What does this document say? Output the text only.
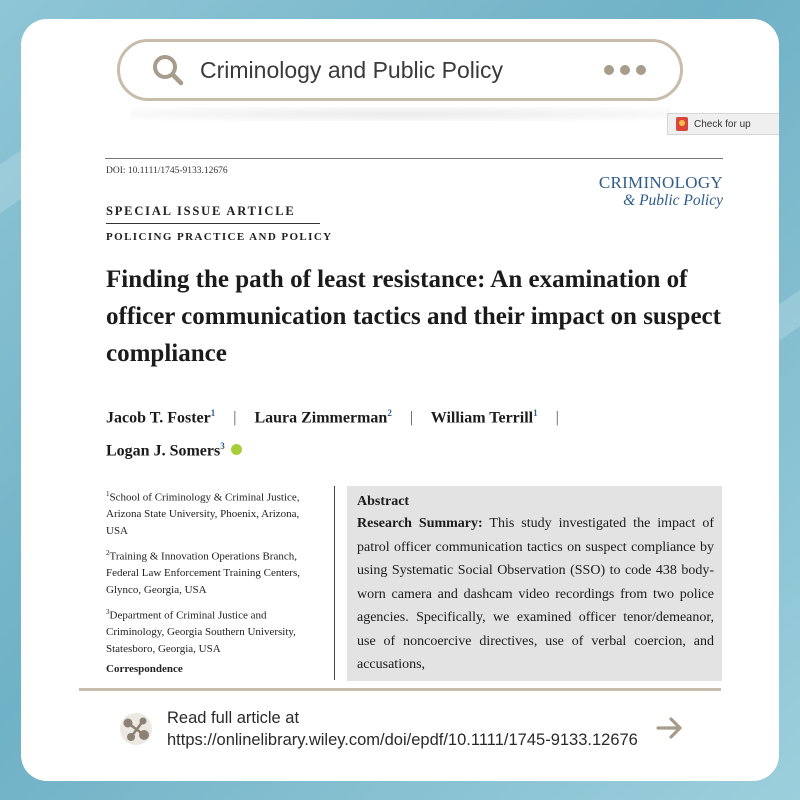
Criminology and Public Policy
Check for up
DOI: 10.1111/1745-9133.12676
CRIMINOLOGY
& Public Policy
SPECIAL ISSUE ARTICLE
POLICING PRACTICE AND POLICY
Finding the path of least resistance: An examination of officer communication tactics and their impact on suspect compliance
Jacob T. Foster$^1$ | Laura Zimmerman$^2$ | William Terrill$^1$ |
Logan J. Somers$^3$iD
$^1$School of Criminology & Criminal Justice, Arizona State University, Phoenix, Arizona, USA
$^2$Training & Innovation Operations Branch, Federal Law Enforcement Training Centers, Glynco, Georgia, USA
$^3$Department of Criminal Justice and Criminology, Georgia Southern University, Statesboro, Georgia, USA
Correspondence
Abstract
Research Summary: This study investigated the impact of patrol officer communication tactics on suspect compliance by using Systematic Social Observation (SSO) to code 438 body-worn camera and dashcam video recordings from two police agencies. Specifically, we examined officer tenor/demeanor, use of noncoercive directives, use of verbal coercion, and accusations,
Read full article at
https://onlinelibrary.wiley.com/doi/epdf/10.1111/1745-9133.12676
